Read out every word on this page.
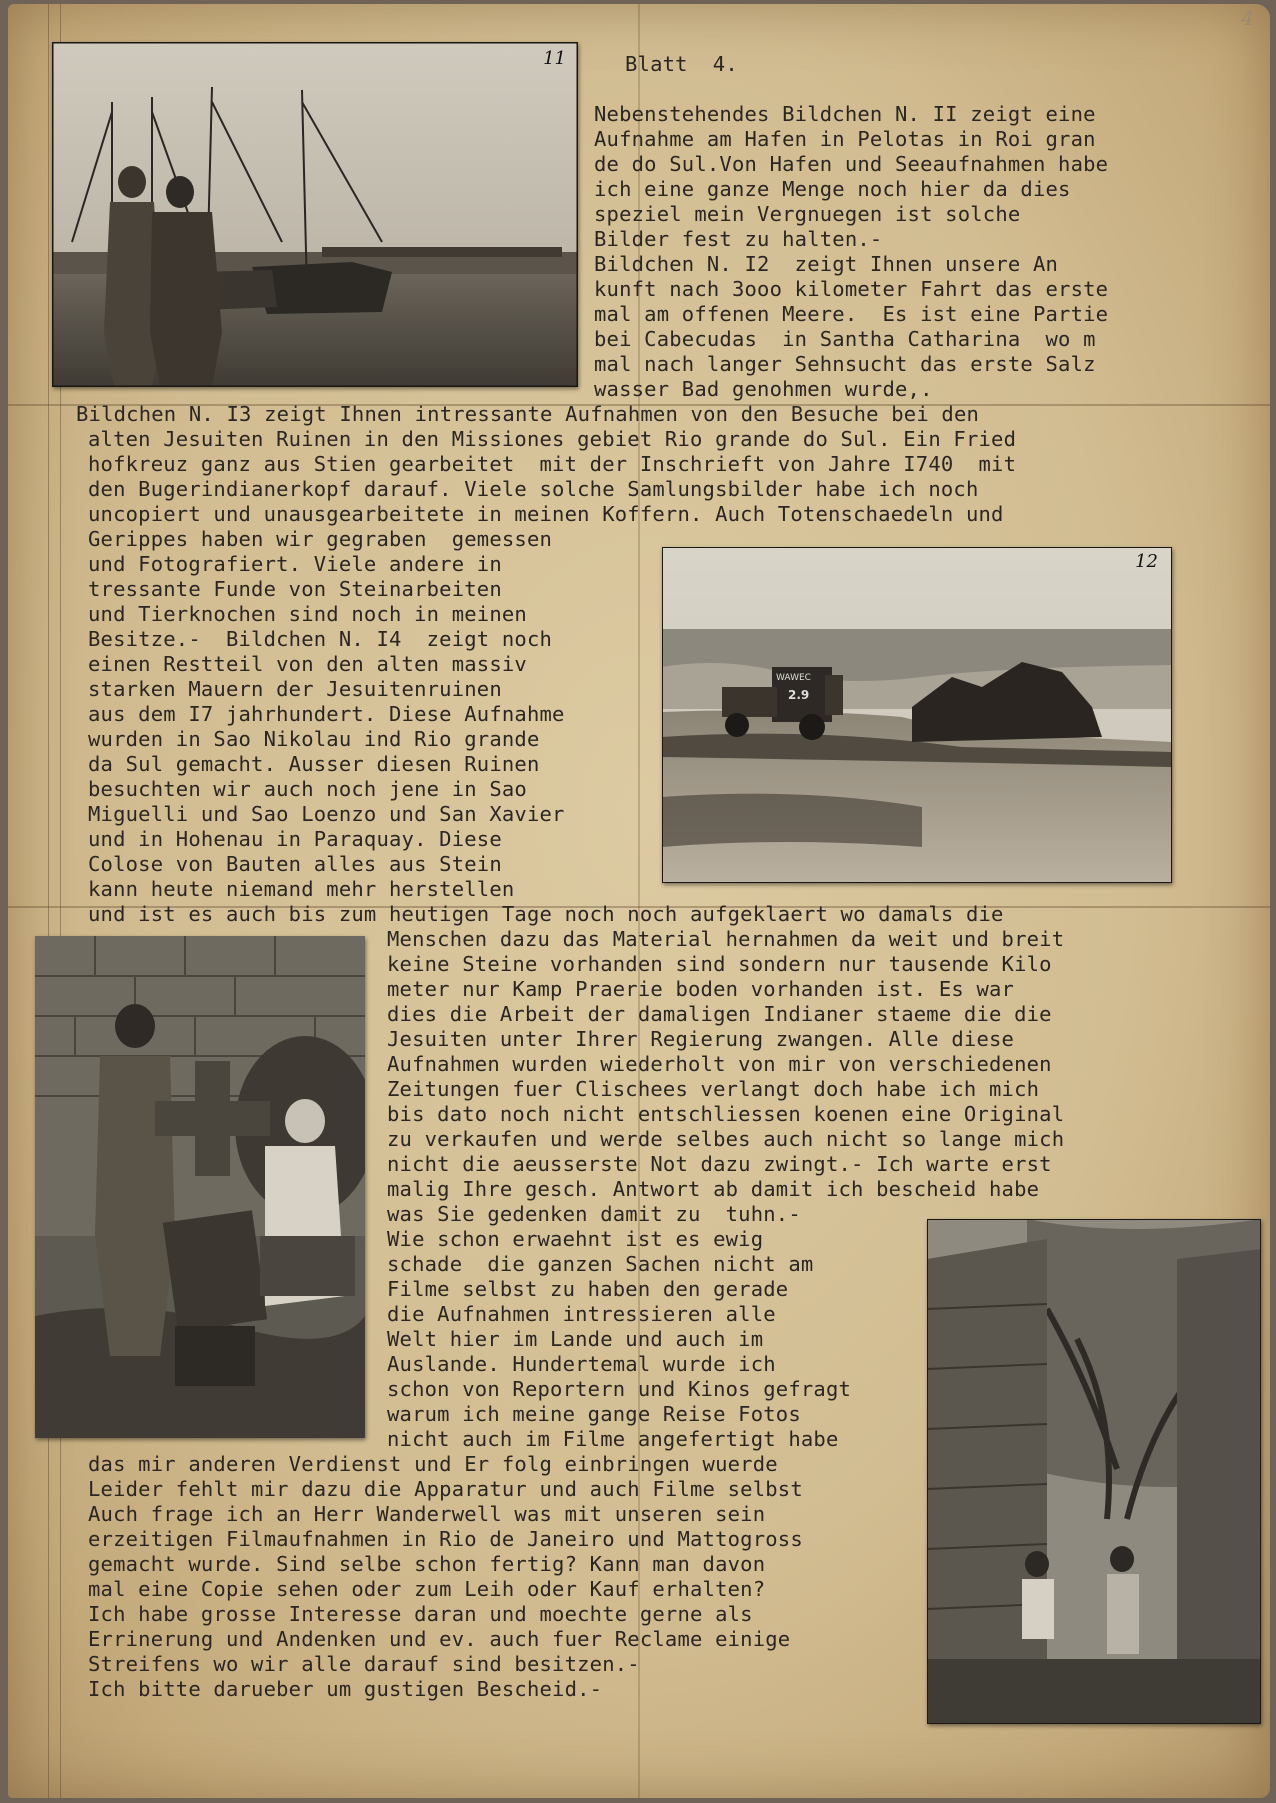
4
11
WAWEC
2.9
12
Blatt  4.
Nebenstehendes Bildchen N. II zeigt eine
Aufnahme am Hafen in Pelotas in Roi gran
de do Sul.Von Hafen und Seeaufnahmen habe
ich eine ganze Menge noch hier da dies
speziel mein Vergnuegen ist solche
Bilder fest zu halten.-
Bildchen N. I2  zeigt Ihnen unsere An
kunft nach 3ooo kilometer Fahrt das erste
mal am offenen Meere.  Es ist eine Partie
bei Cabecudas  in Santha Catharina  wo m
mal nach langer Sehnsucht das erste Salz
wasser Bad genohmen wurde,.
Bildchen N. I3 zeigt Ihnen intressante Aufnahmen von den Besuche bei den
alten Jesuiten Ruinen in den Missiones gebiet Rio grande do Sul. Ein Fried
hofkreuz ganz aus Stien gearbeitet  mit der Inschrieft von Jahre I740  mit
den Bugerindianerkopf darauf. Viele solche Samlungsbilder habe ich noch
uncopiert und unausgearbeitete in meinen Koffern. Auch Totenschaedeln und
Gerippes haben wir gegraben  gemessen
und Fotografiert. Viele andere in
tressante Funde von Steinarbeiten
und Tierknochen sind noch in meinen
Besitze.-  Bildchen N. I4  zeigt noch
einen Restteil von den alten massiv
starken Mauern der Jesuitenruinen
aus dem I7 jahrhundert. Diese Aufnahme
wurden in Sao Nikolau ind Rio grande
da Sul gemacht. Ausser diesen Ruinen
besuchten wir auch noch jene in Sao
Miguelli und Sao Loenzo und San Xavier
und in Hohenau in Paraquay. Diese
Colose von Bauten alles aus Stein
kann heute niemand mehr herstellen
und ist es auch bis zum heutigen Tage noch noch aufgeklaert wo damals die
Menschen dazu das Material hernahmen da weit und breit
keine Steine vorhanden sind sondern nur tausende Kilo
meter nur Kamp Praerie boden vorhanden ist. Es war
dies die Arbeit der damaligen Indianer staeme die die
Jesuiten unter Ihrer Regierung zwangen. Alle diese
Aufnahmen wurden wiederholt von mir von verschiedenen
Zeitungen fuer Clischees verlangt doch habe ich mich
bis dato noch nicht entschliessen koenen eine Original
zu verkaufen und werde selbes auch nicht so lange mich
nicht die aeusserste Not dazu zwingt.- Ich warte erst
malig Ihre gesch. Antwort ab damit ich bescheid habe
was Sie gedenken damit zu  tuhn.-
Wie schon erwaehnt ist es ewig
schade  die ganzen Sachen nicht am
Filme selbst zu haben den gerade
die Aufnahmen intressieren alle
Welt hier im Lande und auch im
Auslande. Hundertemal wurde ich
schon von Reportern und Kinos gefragt
warum ich meine gange Reise Fotos
nicht auch im Filme angefertigt habe
das mir anderen Verdienst und Er folg einbringen wuerde
Leider fehlt mir dazu die Apparatur und auch Filme selbst
Auch frage ich an Herr Wanderwell was mit unseren sein
erzeitigen Filmaufnahmen in Rio de Janeiro und Mattogross
gemacht wurde. Sind selbe schon fertig? Kann man davon
mal eine Copie sehen oder zum Leih oder Kauf erhalten?
Ich habe grosse Interesse daran und moechte gerne als
Errinerung und Andenken und ev. auch fuer Reclame einige
Streifens wo wir alle darauf sind besitzen.-
Ich bitte darueber um gustigen Bescheid.-
